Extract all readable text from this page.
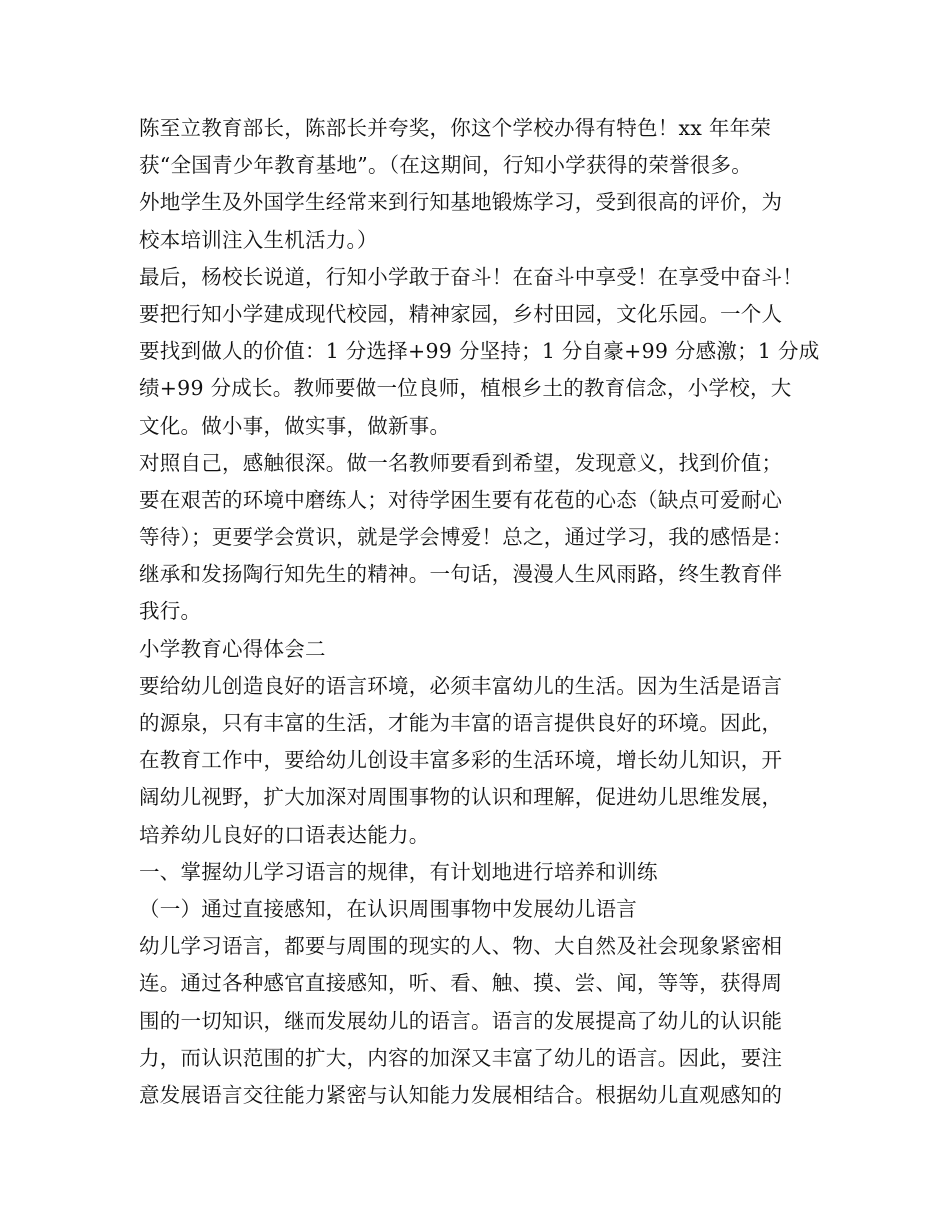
陈至立教育部长，陈部长并夸奖，你这个学校办得有特色！xx 年年荣
获“全国青少年教育基地”。（在这期间，行知小学获得的荣誉很多。
外地学生及外国学生经常来到行知基地锻炼学习，受到很高的评价，为
校本培训注入生机活力。）
最后，杨校长说道，行知小学敢于奋斗！在奋斗中享受！在享受中奋斗！
要把行知小学建成现代校园，精神家园，乡村田园，文化乐园。一个人
要找到做人的价值：1 分选择+99 分坚持；1 分自豪+99 分感激；1 分成
绩+99 分成长。教师要做一位良师，植根乡土的教育信念，小学校，大
文化。做小事，做实事，做新事。
对照自己，感触很深。做一名教师要看到希望，发现意义，找到价值；
要在艰苦的环境中磨练人；对待学困生要有花苞的心态（缺点可爱耐心
等待）；更要学会赏识，就是学会博爱！总之，通过学习，我的感悟是：
继承和发扬陶行知先生的精神。一句话，漫漫人生风雨路，终生教育伴
我行。
小学教育心得体会二
要给幼儿创造良好的语言环境，必须丰富幼儿的生活。因为生活是语言
的源泉，只有丰富的生活，才能为丰富的语言提供良好的环境。因此，
在教育工作中，要给幼儿创设丰富多彩的生活环境，增长幼儿知识，开
阔幼儿视野，扩大加深对周围事物的认识和理解，促进幼儿思维发展，
培养幼儿良好的口语表达能力。
一、掌握幼儿学习语言的规律，有计划地进行培养和训练
（一）通过直接感知，在认识周围事物中发展幼儿语言
幼儿学习语言，都要与周围的现实的人、物、大自然及社会现象紧密相
连。通过各种感官直接感知，听、看、触、摸、尝、闻，等等，获得周
围的一切知识，继而发展幼儿的语言。语言的发展提高了幼儿的认识能
力，而认识范围的扩大，内容的加深又丰富了幼儿的语言。因此，要注
意发展语言交往能力紧密与认知能力发展相结合。根据幼儿直观感知的
